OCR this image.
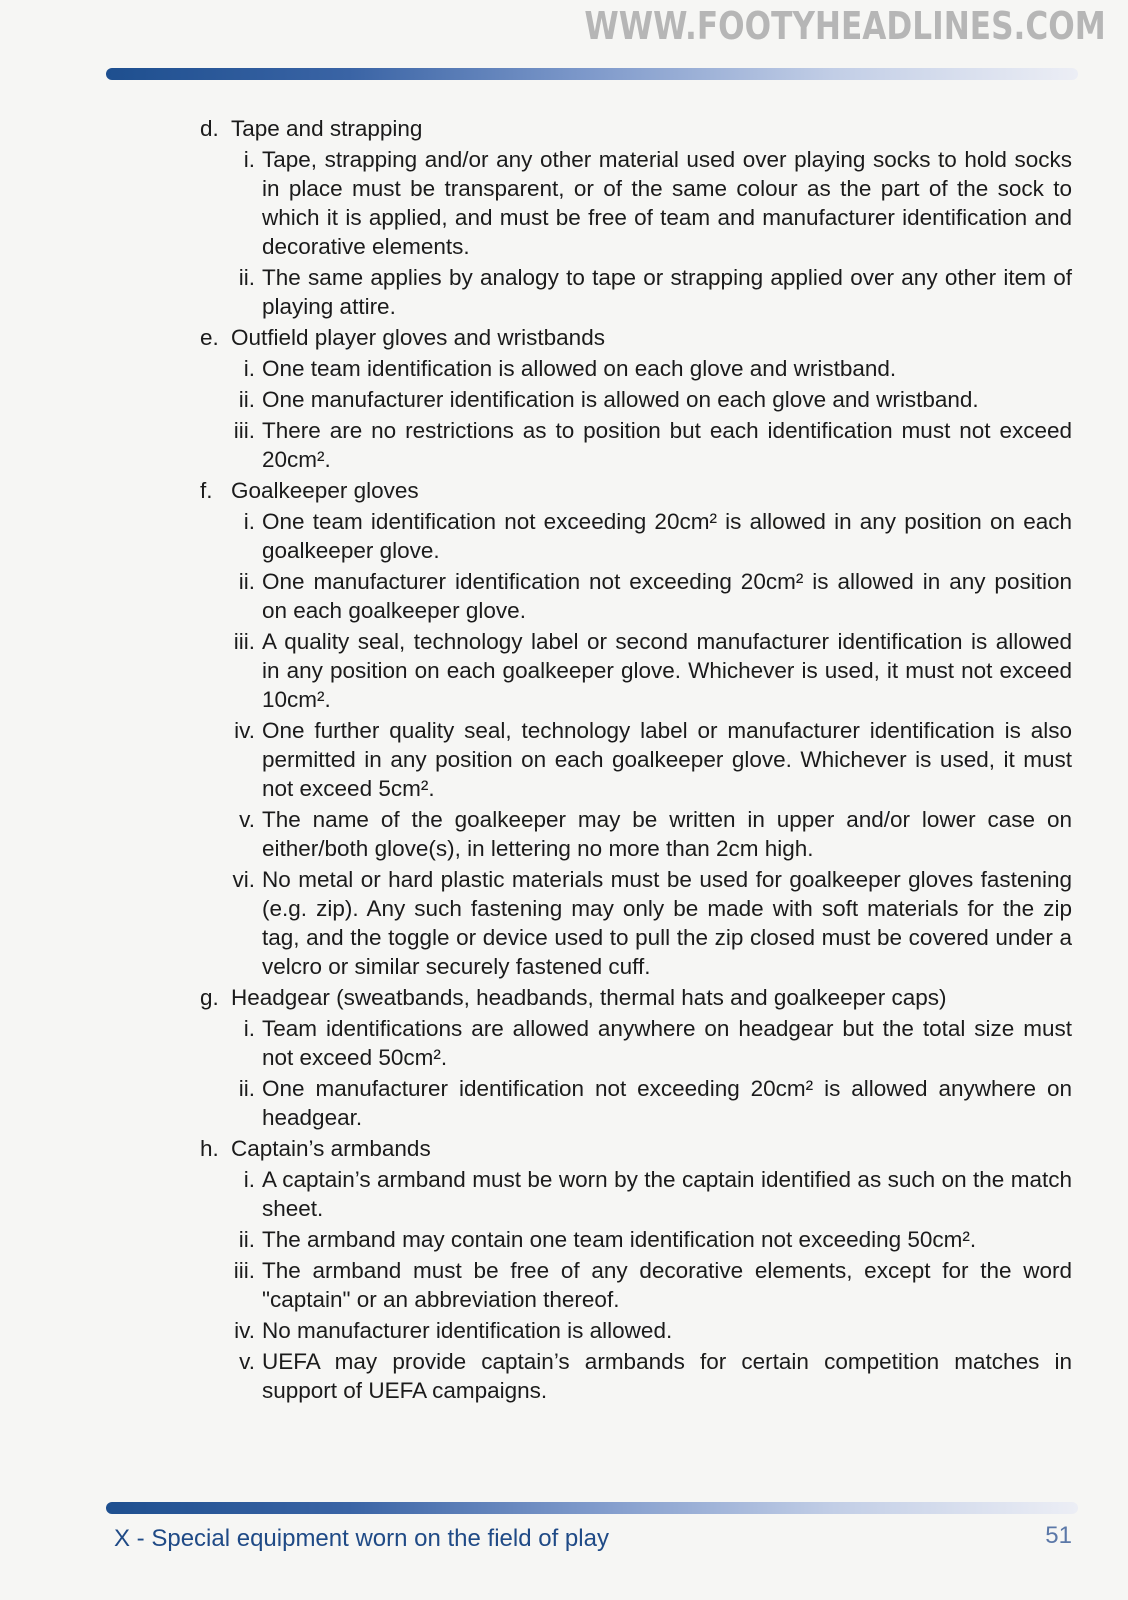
WWW.FOOTYHEADLINES.COM
d. Tape and strapping
i. Tape, strapping and/or any other material used over playing socks to hold socks in place must be transparent, or of the same colour as the part of the sock to which it is applied, and must be free of team and manufacturer identification and decorative elements.
ii. The same applies by analogy to tape or strapping applied over any other item of playing attire.
e. Outfield player gloves and wristbands
i. One team identification is allowed on each glove and wristband.
ii. One manufacturer identification is allowed on each glove and wristband.
iii. There are no restrictions as to position but each identification must not exceed 20cm².
f. Goalkeeper gloves
i. One team identification not exceeding 20cm² is allowed in any position on each goalkeeper glove.
ii. One manufacturer identification not exceeding 20cm² is allowed in any position on each goalkeeper glove.
iii. A quality seal, technology label or second manufacturer identification is allowed in any position on each goalkeeper glove. Whichever is used, it must not exceed 10cm².
iv. One further quality seal, technology label or manufacturer identification is also permitted in any position on each goalkeeper glove. Whichever is used, it must not exceed 5cm².
v. The name of the goalkeeper may be written in upper and/or lower case on either/both glove(s), in lettering no more than 2cm high.
vi. No metal or hard plastic materials must be used for goalkeeper gloves fastening (e.g. zip). Any such fastening may only be made with soft materials for the zip tag, and the toggle or device used to pull the zip closed must be covered under a velcro or similar securely fastened cuff.
g. Headgear (sweatbands, headbands, thermal hats and goalkeeper caps)
i. Team identifications are allowed anywhere on headgear but the total size must not exceed 50cm².
ii. One manufacturer identification not exceeding 20cm² is allowed anywhere on headgear.
h. Captain’s armbands
i. A captain’s armband must be worn by the captain identified as such on the match sheet.
ii. The armband may contain one team identification not exceeding 50cm².
iii. The armband must be free of any decorative elements, except for the word "captain" or an abbreviation thereof.
iv. No manufacturer identification is allowed.
v. UEFA may provide captain’s armbands for certain competition matches in support of UEFA campaigns.
X - Special equipment worn on the field of play	51
